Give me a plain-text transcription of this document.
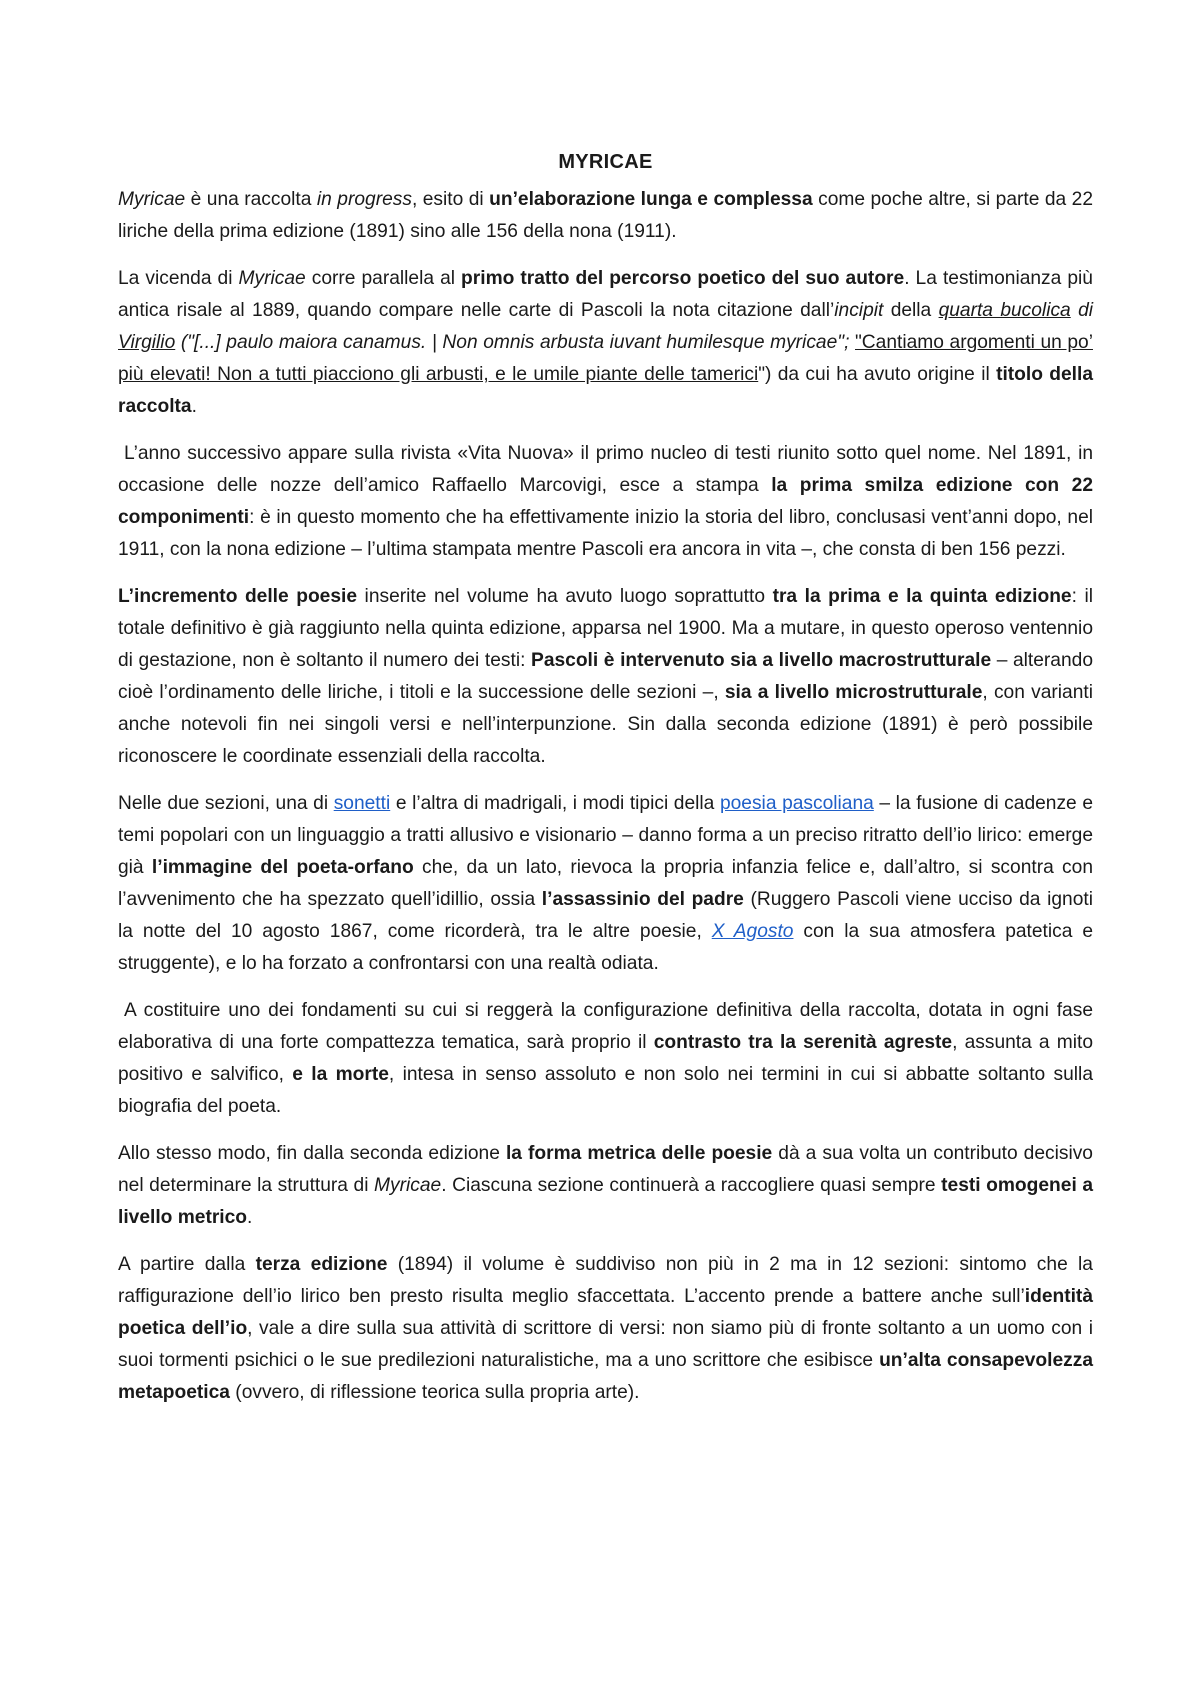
MYRICAE

Myricae è una raccolta in progress, esito di un’elaborazione lunga e complessa come poche altre, si parte da 22 liriche della prima edizione (1891) sino alle 156 della nona (1911).

La vicenda di Myricae corre parallela al primo tratto del percorso poetico del suo autore. La testimonianza più antica risale al 1889, quando compare nelle carte di Pascoli la nota citazione dall’incipit della quarta bucolica di Virgilio ("[...] paulo maiora canamus. | Non omnis arbusta iuvant humilesque myricae"; "Cantiamo argomenti un po’ più elevati! Non a tutti piacciono gli arbusti, e le umile piante delle tamerici") da cui ha avuto origine il titolo della raccolta.

L’anno successivo appare sulla rivista «Vita Nuova» il primo nucleo di testi riunito sotto quel nome. Nel 1891, in occasione delle nozze dell’amico Raffaello Marcovigi, esce a stampa la prima smilza edizione con 22 componimenti: è in questo momento che ha effettivamente inizio la storia del libro, conclusasi vent’anni dopo, nel 1911, con la nona edizione – l’ultima stampata mentre Pascoli era ancora in vita –, che consta di ben 156 pezzi.

L’incremento delle poesie inserite nel volume ha avuto luogo soprattutto tra la prima e la quinta edizione: il totale definitivo è già raggiunto nella quinta edizione, apparsa nel 1900. Ma a mutare, in questo operoso ventennio di gestazione, non è soltanto il numero dei testi: Pascoli è intervenuto sia a livello macrostrutturale – alterando cioè l’ordinamento delle liriche, i titoli e la successione delle sezioni –, sia a livello microstrutturale, con varianti anche notevoli fin nei singoli versi e nell’interpunzione. Sin dalla seconda edizione (1891) è però possibile riconoscere le coordinate essenziali della raccolta.

Nelle due sezioni, una di sonetti e l’altra di madrigali, i modi tipici della poesia pascoliana – la fusione di cadenze e temi popolari con un linguaggio a tratti allusivo e visionario – danno forma a un preciso ritratto dell’io lirico: emerge già l’immagine del poeta-orfano che, da un lato, rievoca la propria infanzia felice e, dall’altro, si scontra con l’avvenimento che ha spezzato quell’idillio, ossia l’assassinio del padre (Ruggero Pascoli viene ucciso da ignoti la notte del 10 agosto 1867, come ricorderà, tra le altre poesie, X Agosto con la sua atmosfera patetica e struggente), e lo ha forzato a confrontarsi con una realtà odiata.

A costituire uno dei fondamenti su cui si reggerà la configurazione definitiva della raccolta, dotata in ogni fase elaborativa di una forte compattezza tematica, sarà proprio il contrasto tra la serenità agreste, assunta a mito positivo e salvifico, e la morte, intesa in senso assoluto e non solo nei termini in cui si abbatte soltanto sulla biografia del poeta.

Allo stesso modo, fin dalla seconda edizione la forma metrica delle poesie dà a sua volta un contributo decisivo nel determinare la struttura di Myricae. Ciascuna sezione continuerà a raccogliere quasi sempre testi omogenei a livello metrico.

A partire dalla terza edizione (1894) il volume è suddiviso non più in 2 ma in 12 sezioni: sintomo che la raffigurazione dell’io lirico ben presto risulta meglio sfaccettata. L’accento prende a battere anche sull’identità poetica dell’io, vale a dire sulla sua attività di scrittore di versi: non siamo più di fronte soltanto a un uomo con i suoi tormenti psichici o le sue predilezioni naturalistiche, ma a uno scrittore che esibisce un’alta consapevolezza metapoetica (ovvero, di riflessione teorica sulla propria arte).
